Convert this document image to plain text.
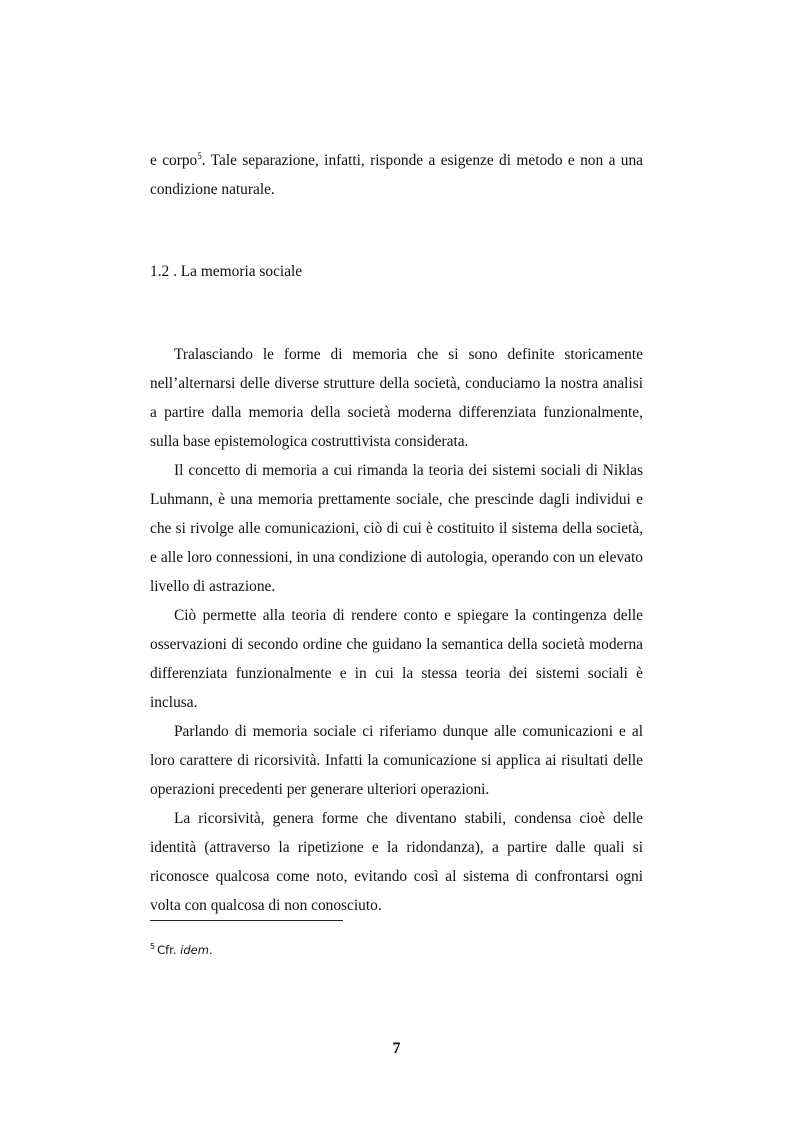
e corpo$^5$. Tale separazione, infatti, risponde a esigenze di metodo e non a una condizione naturale.

1.2 . La memoria sociale

Tralasciando le forme di memoria che si sono definite storicamente nell’alternarsi delle diverse strutture della società, conduciamo la nostra analisi a partire dalla memoria della società moderna differenziata funzionalmente, sulla base epistemologica costruttivista considerata.

Il concetto di memoria a cui rimanda la teoria dei sistemi sociali di Niklas Luhmann, è una memoria prettamente sociale, che prescinde dagli individui e che si rivolge alle comunicazioni, ciò di cui è costituito il sistema della società, e alle loro connessioni, in una condizione di autologia, operando con un elevato livello di astrazione.

Ciò permette alla teoria di rendere conto e spiegare la contingenza delle osservazioni di secondo ordine che guidano la semantica della società moderna differenziata funzionalmente e in cui la stessa teoria dei sistemi sociali è inclusa.

Parlando di memoria sociale ci riferiamo dunque alle comunicazioni e al loro carattere di ricorsività. Infatti la comunicazione si applica ai risultati delle operazioni precedenti per generare ulteriori operazioni.

La ricorsività, genera forme che diventano stabili, condensa cioè delle identità (attraverso la ripetizione e la ridondanza), a partire dalle quali si riconosce qualcosa come noto, evitando così al sistema di confrontarsi ogni volta con qualcosa di non conosciuto.

$^5$ Cfr. idem.

7
